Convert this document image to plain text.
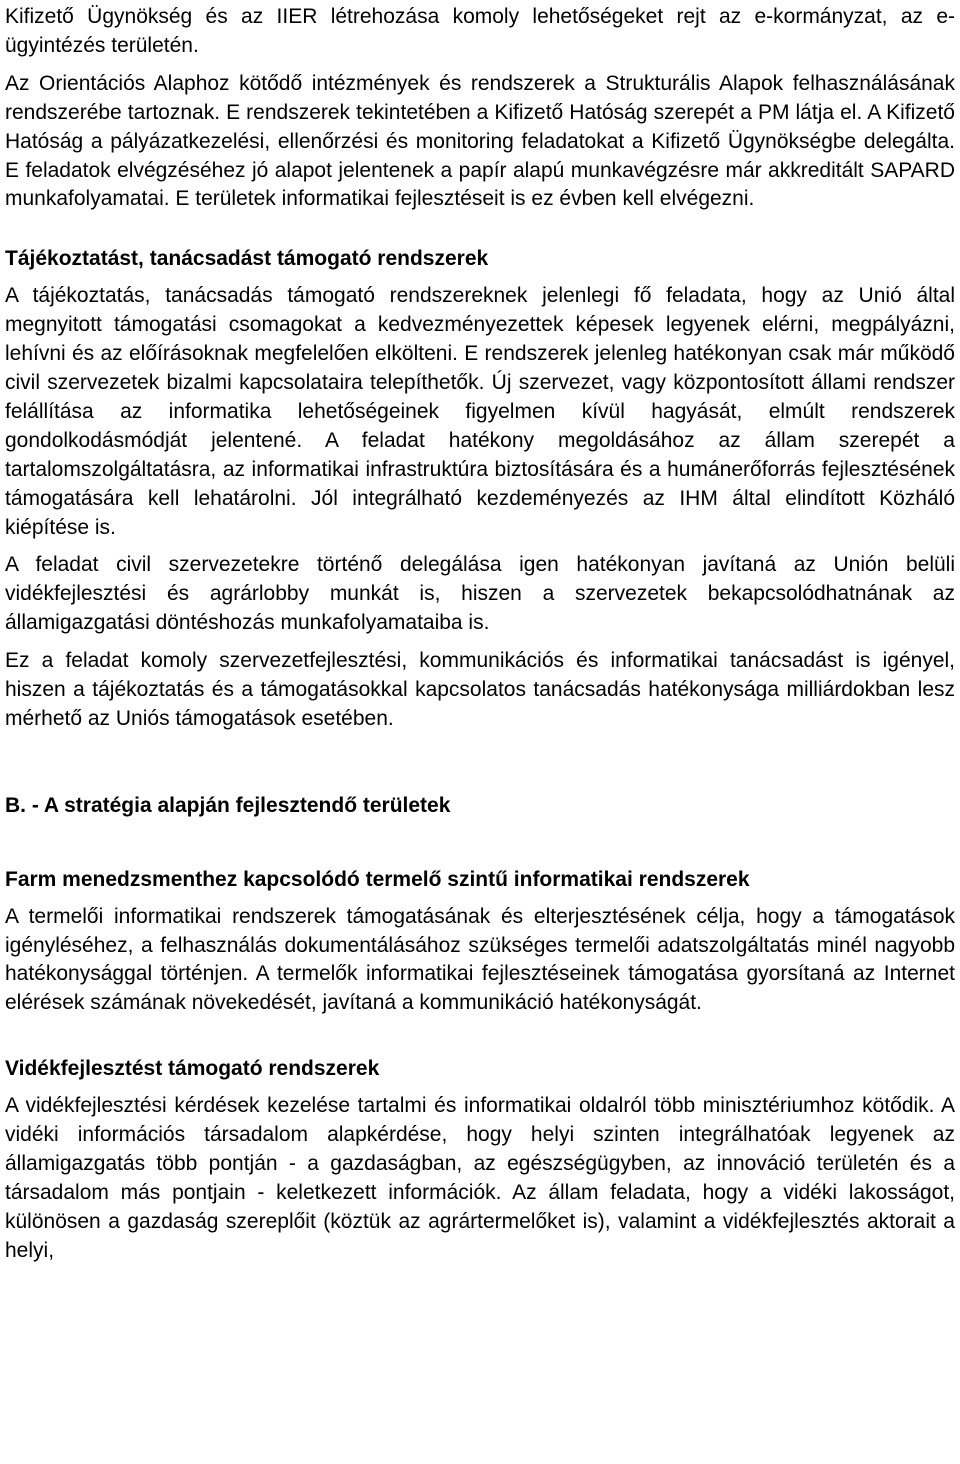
Kifizető Ügynökség és az IIER létrehozása komoly lehetőségeket rejt az e-kormányzat, az e-ügyintézés területén.

Az Orientációs Alaphoz kötődő intézmények és rendszerek a Strukturális Alapok felhasználásának rendszerébe tartoznak. E rendszerek tekintetében a Kifizető Hatóság szerepét a PM látja el. A Kifizető Hatóság a pályázatkezelési, ellenőrzési és monitoring feladatokat a Kifizető Ügynökségbe delegálta. E feladatok elvégzéséhez jó alapot jelentenek a papír alapú munkavégzésre már akkreditált SAPARD munkafolyamatai. E területek informatikai fejlesztéseit is ez évben kell elvégezni.

Tájékoztatást, tanácsadást támogató rendszerek

A tájékoztatás, tanácsadás támogató rendszereknek jelenlegi fő feladata, hogy az Unió által megnyitott támogatási csomagokat a kedvezményezettek képesek legyenek elérni, megpályázni, lehívni és az előírásoknak megfelelően elkölteni. E rendszerek jelenleg hatékonyan csak már működő civil szervezetek bizalmi kapcsolataira telepíthetők. Új szervezet, vagy központosított állami rendszer felállítása az informatika lehetőségeinek figyelmen kívül hagyását, elmúlt rendszerek gondolkodásmódját jelentené. A feladat hatékony megoldásához az állam szerepét a tartalomszolgáltatásra, az informatikai infrastruktúra biztosítására és a humánerőforrás fejlesztésének támogatására kell lehatárolni. Jól integrálható kezdeményezés az IHM által elindított Közháló kiépítése is.

A feladat civil szervezetekre történő delegálása igen hatékonyan javítaná az Unión belüli vidékfejlesztési és agrárlobby munkát is, hiszen a szervezetek bekapcsolódhatnának az államigazgatási döntéshozás munkafolyamataiba is.

Ez a feladat komoly szervezetfejlesztési, kommunikációs és informatikai tanácsadást is igényel, hiszen a tájékoztatás és a támogatásokkal kapcsolatos tanácsadás hatékonysága milliárdokban lesz mérhető az Uniós támogatások esetében.

B. - A stratégia alapján fejlesztendő területek
Farm menedzsmenthez kapcsolódó termelő szintű informatikai rendszerek

A termelői informatikai rendszerek támogatásának és elterjesztésének célja, hogy a támogatások igényléséhez, a felhasználás dokumentálásához szükséges termelői adatszolgáltatás minél nagyobb hatékonysággal történjen. A termelők informatikai fejlesztéseinek támogatása gyorsítaná az Internet elérések számának növekedését, javítaná a kommunikáció hatékonyságát.

Vidékfejlesztést támogató rendszerek

A vidékfejlesztési kérdések kezelése tartalmi és informatikai oldalról több minisztériumhoz kötődik. A vidéki információs társadalom alapkérdése, hogy helyi szinten integrálhatóak legyenek az államigazgatás több pontján - a gazdaságban, az egészségügyben, az innováció területén és a társadalom más pontjain - keletkezett információk. Az állam feladata, hogy a vidéki lakosságot, különösen a gazdaság szereplőit (köztük az agrártermelőket is), valamint a vidékfejlesztés aktorait a helyi,
